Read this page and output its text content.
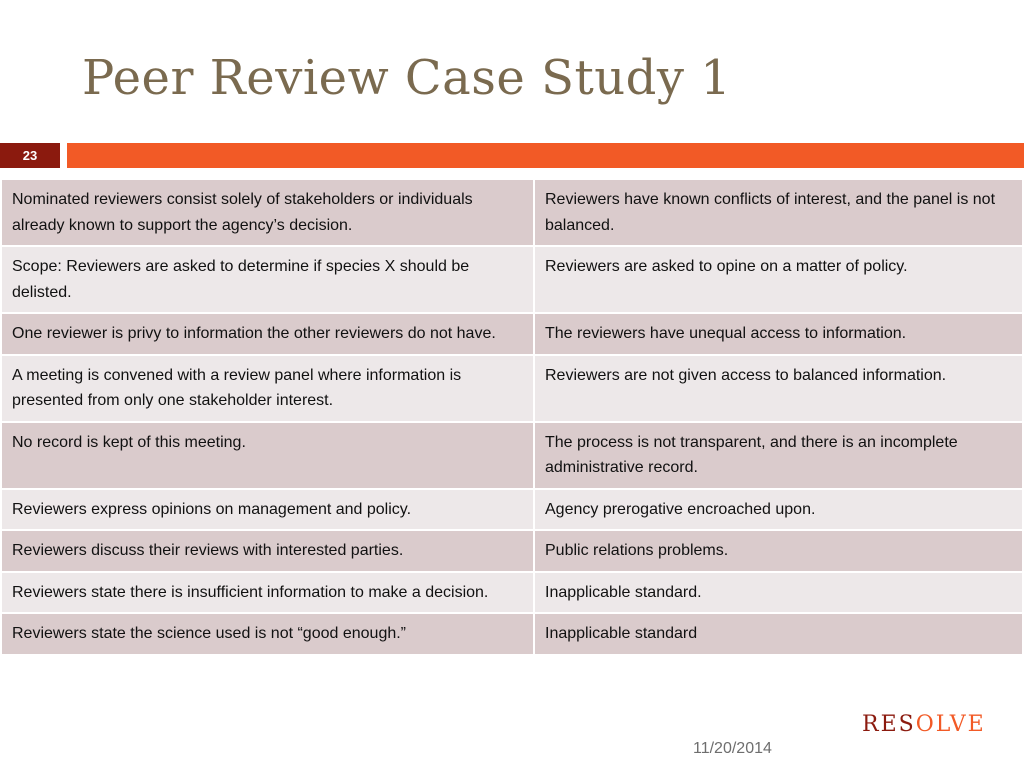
Peer Review Case Study 1
23
Nominated reviewers consist solely of stakeholders or individuals already known to support the agency’s decision.	Reviewers have known conflicts of interest, and the panel is not balanced.
Scope: Reviewers are asked to determine if species X should be delisted.	Reviewers are asked to opine on a matter of policy.
One reviewer is privy to information the other reviewers do not have.	The reviewers have unequal access to information.
A meeting is convened with a review panel where information is presented from only one stakeholder interest.	Reviewers are not given access to balanced information.
No record is kept of this meeting.	The process is not transparent, and there is an incomplete administrative record.
Reviewers express opinions on management and policy.	Agency prerogative encroached upon.
Reviewers discuss their reviews with interested parties.	Public relations problems.
Reviewers state there is insufficient information to make a decision.	Inapplicable standard.
Reviewers state the science used is not “good enough.”	Inapplicable standard
RESOLVE
11/20/2014
